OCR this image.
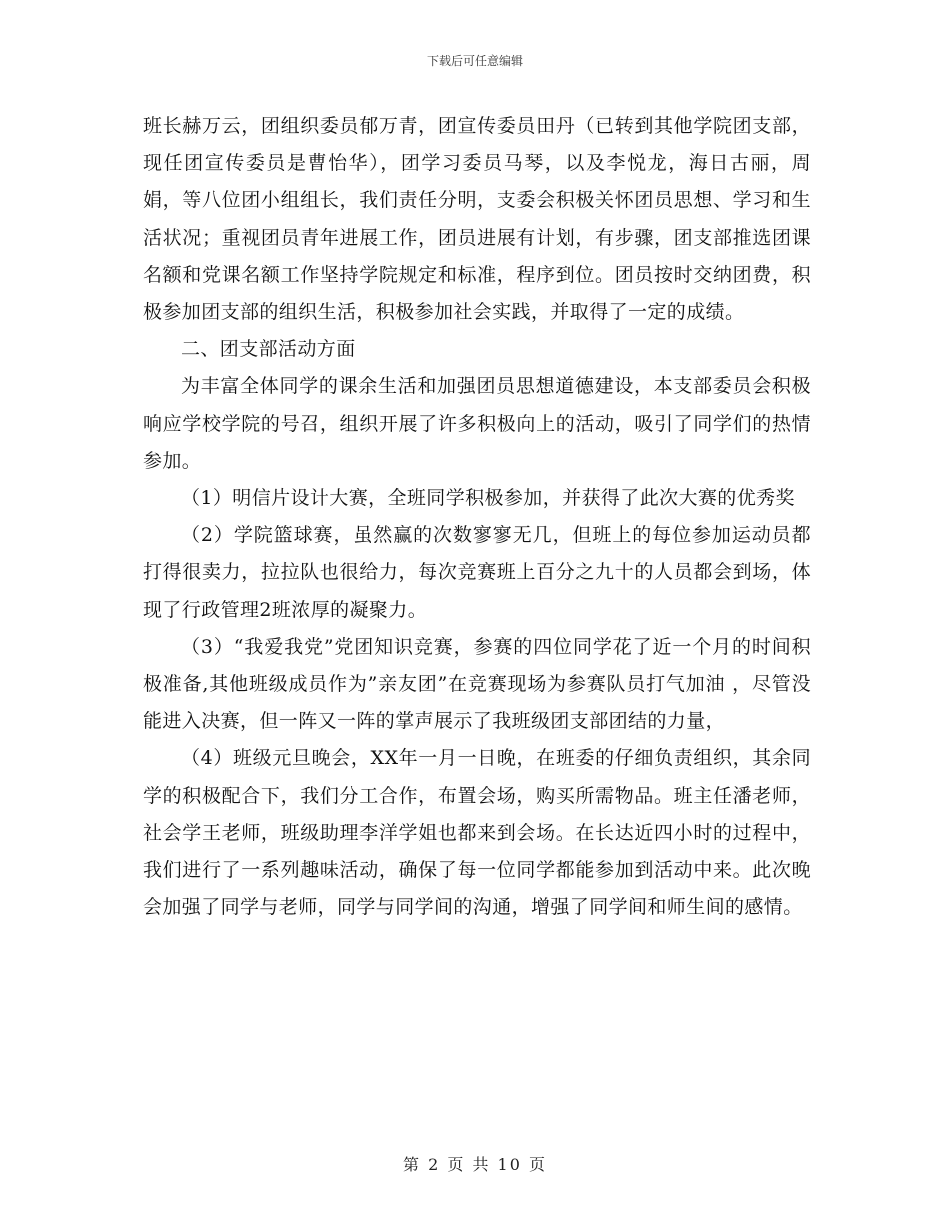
下载后可任意编辑

班长赫万云，团组织委员郁万青，团宣传委员田丹（已转到其他学院团支部，现任团宣传委员是曹怡华），团学习委员马琴，以及李悦龙，海日古丽，周娟，等八位团小组组长，我们责任分明，支委会积极关怀团员思想、学习和生活状况；重视团员青年进展工作，团员进展有计划，有步骤，团支部推选团课名额和党课名额工作坚持学院规定和标准，程序到位。团员按时交纳团费，积极参加团支部的组织生活，积极参加社会实践，并取得了一定的成绩。

二、团支部活动方面

为丰富全体同学的课余生活和加强团员思想道德建设，本支部委员会积极响应学校学院的号召，组织开展了许多积极向上的活动，吸引了同学们的热情参加。

（1）明信片设计大赛，全班同学积极参加，并获得了此次大赛的优秀奖

（2）学院篮球赛，虽然赢的次数寥寥无几，但班上的每位参加运动员都打得很卖力，拉拉队也很给力，每次竞赛班上百分之九十的人员都会到场，体现了行政管理2班浓厚的凝聚力。

（3）“我爱我党”党团知识竞赛，参赛的四位同学花了近一个月的时间积极准备,其他班级成员作为”亲友团”在竞赛现场为参赛队员打气加油 ，尽管没能进入决赛，但一阵又一阵的掌声展示了我班级团支部团结的力量，

（4）班级元旦晚会，XX年一月一日晚，在班委的仔细负责组织，其余同学的积极配合下，我们分工合作，布置会场，购买所需物品。班主任潘老师，社会学王老师，班级助理李洋学姐也都来到会场。在长达近四小时的过程中，我们进行了一系列趣味活动，确保了每一位同学都能参加到活动中来。此次晚会加强了同学与老师，同学与同学间的沟通，增强了同学间和师生间的感情。

第 2 页 共 10 页
